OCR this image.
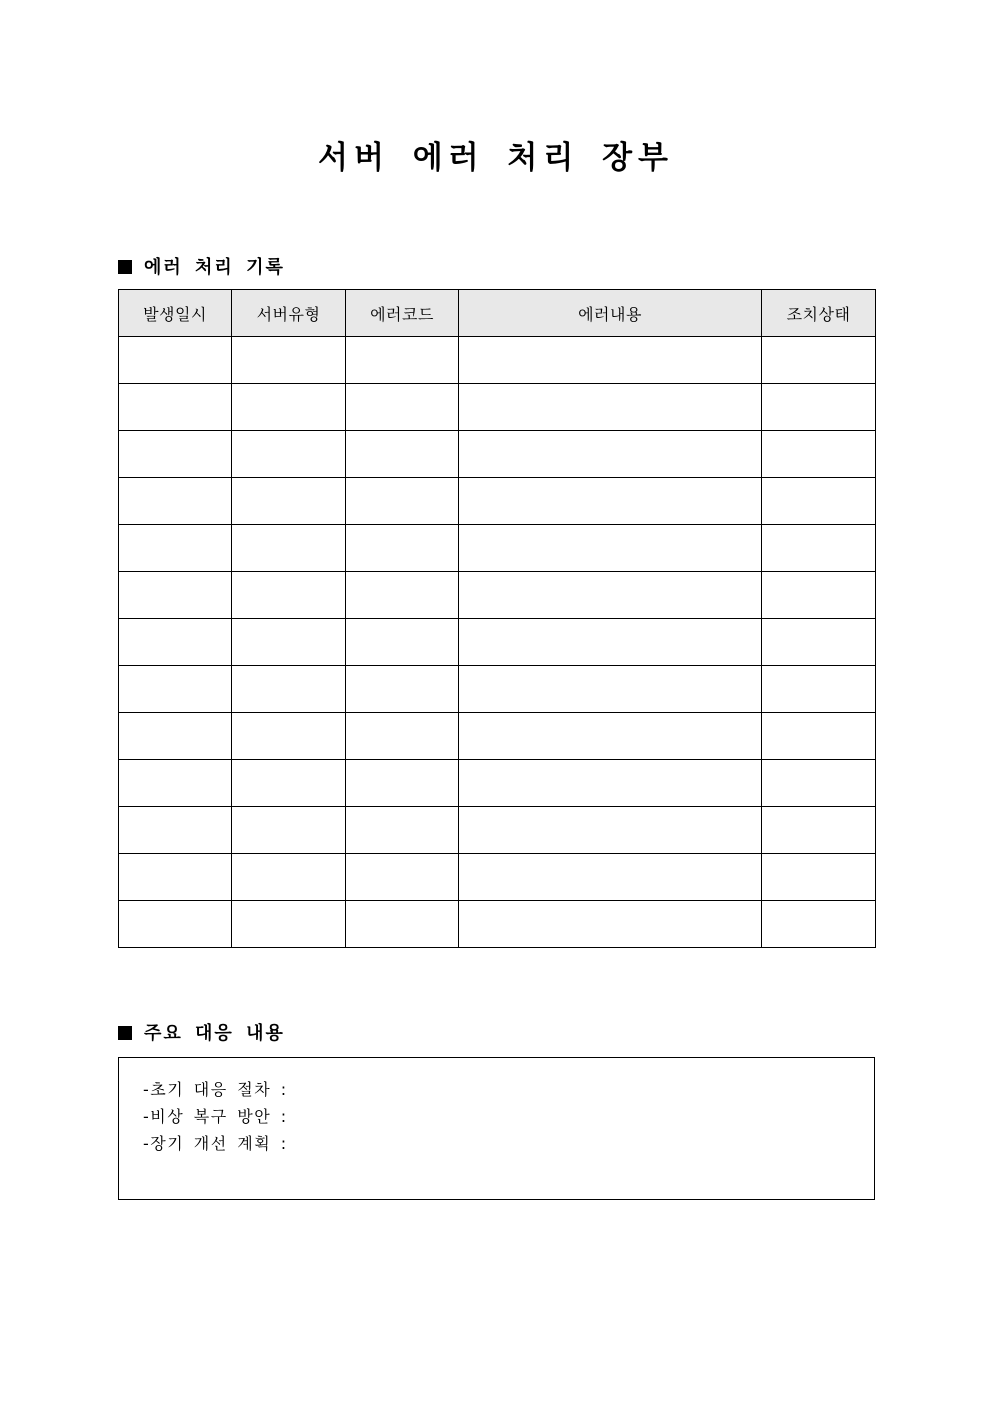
서버 에러 처리 장부
에러 처리 기록
발생일시	서버유형	에러코드	에러내용	조치상태

주요 대응 내용
-초기 대응 절차 :
-비상 복구 방안 :
-장기 개선 계획 :
